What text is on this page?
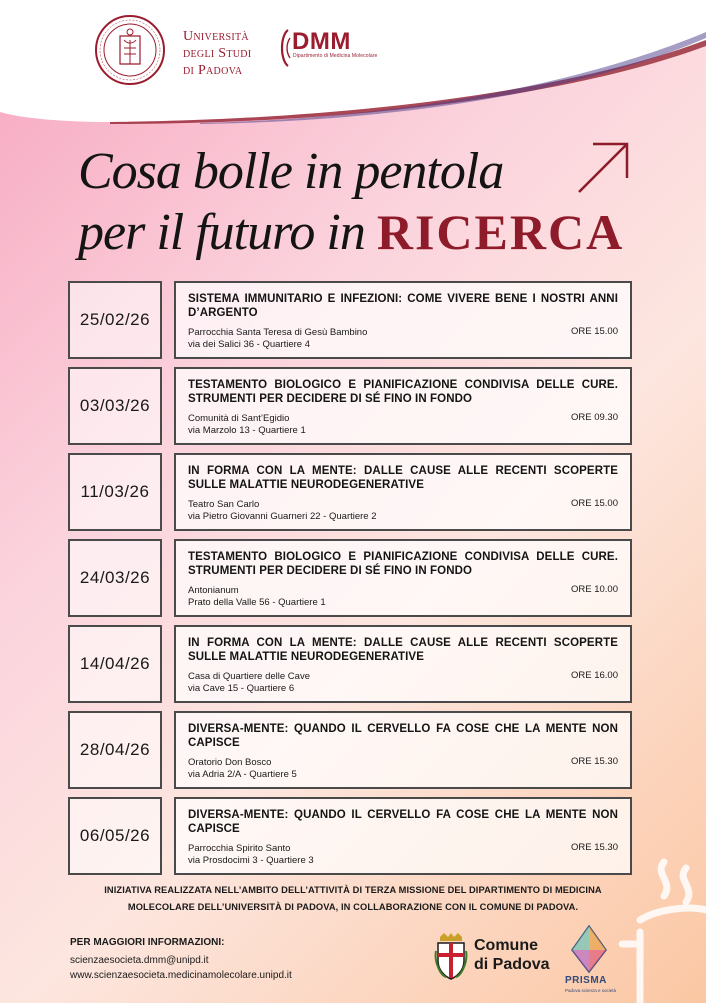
Università
degli Studi
di Padova
DMM
Dipartimento di Medicina Molecolare
Cosa bolle in pentola
per il futuro in RICERCA
25/02/26
SISTEMA IMMUNITARIO E INFEZIONI: COME VIVERE BENE I NOSTRI ANNI D’ARGENTO
Parrocchia Santa Teresa di Gesù Bambino
via dei Salici 36 - Quartiere 4
ORE 15.00
03/03/26
TESTAMENTO BIOLOGICO E PIANIFICAZIONE CONDIVISA DELLE CURE. STRUMENTI PER DECIDERE DI SÉ FINO IN FONDO
Comunità di Sant’Egidio
via Marzolo 13 - Quartiere 1
ORE 09.30
11/03/26
IN FORMA CON LA MENTE: DALLE CAUSE ALLE RECENTI SCOPERTE SULLE MALATTIE NEURODEGENERATIVE
Teatro San Carlo
via Pietro Giovanni Guarneri 22 - Quartiere 2
ORE 15.00
24/03/26
TESTAMENTO BIOLOGICO E PIANIFICAZIONE CONDIVISA DELLE CURE. STRUMENTI PER DECIDERE DI SÉ FINO IN FONDO
Antonianum
Prato della Valle 56 - Quartiere 1
ORE 10.00
14/04/26
IN FORMA CON LA MENTE: DALLE CAUSE ALLE RECENTI SCOPERTE SULLE MALATTIE NEURODEGENERATIVE
Casa di Quartiere delle Cave
via Cave 15 - Quartiere 6
ORE 16.00
28/04/26
DIVERSA-MENTE: QUANDO IL CERVELLO FA COSE CHE LA MENTE NON CAPISCE
Oratorio Don Bosco
via Adria 2/A - Quartiere 5
ORE 15.30
06/05/26
DIVERSA-MENTE: QUANDO IL CERVELLO FA COSE CHE LA MENTE NON CAPISCE
Parrocchia Spirito Santo
via Prosdocimi 3 - Quartiere 3
ORE 15.30
INIZIATIVA REALIZZATA NELL’AMBITO DELL’ATTIVITÀ DI TERZA MISSIONE DEL DIPARTIMENTO DI MEDICINA
MOLECOLARE DELL’UNIVERSITÀ DI PADOVA, IN COLLABORAZIONE CON IL COMUNE DI PADOVA.
PER MAGGIORI INFORMAZIONI:
scienzaesocieta.dmm@unipd.it
www.scienzaesocieta.medicinamolecolare.unipd.it
Comune
di Padova
PRISMA
Padova scienza e società
